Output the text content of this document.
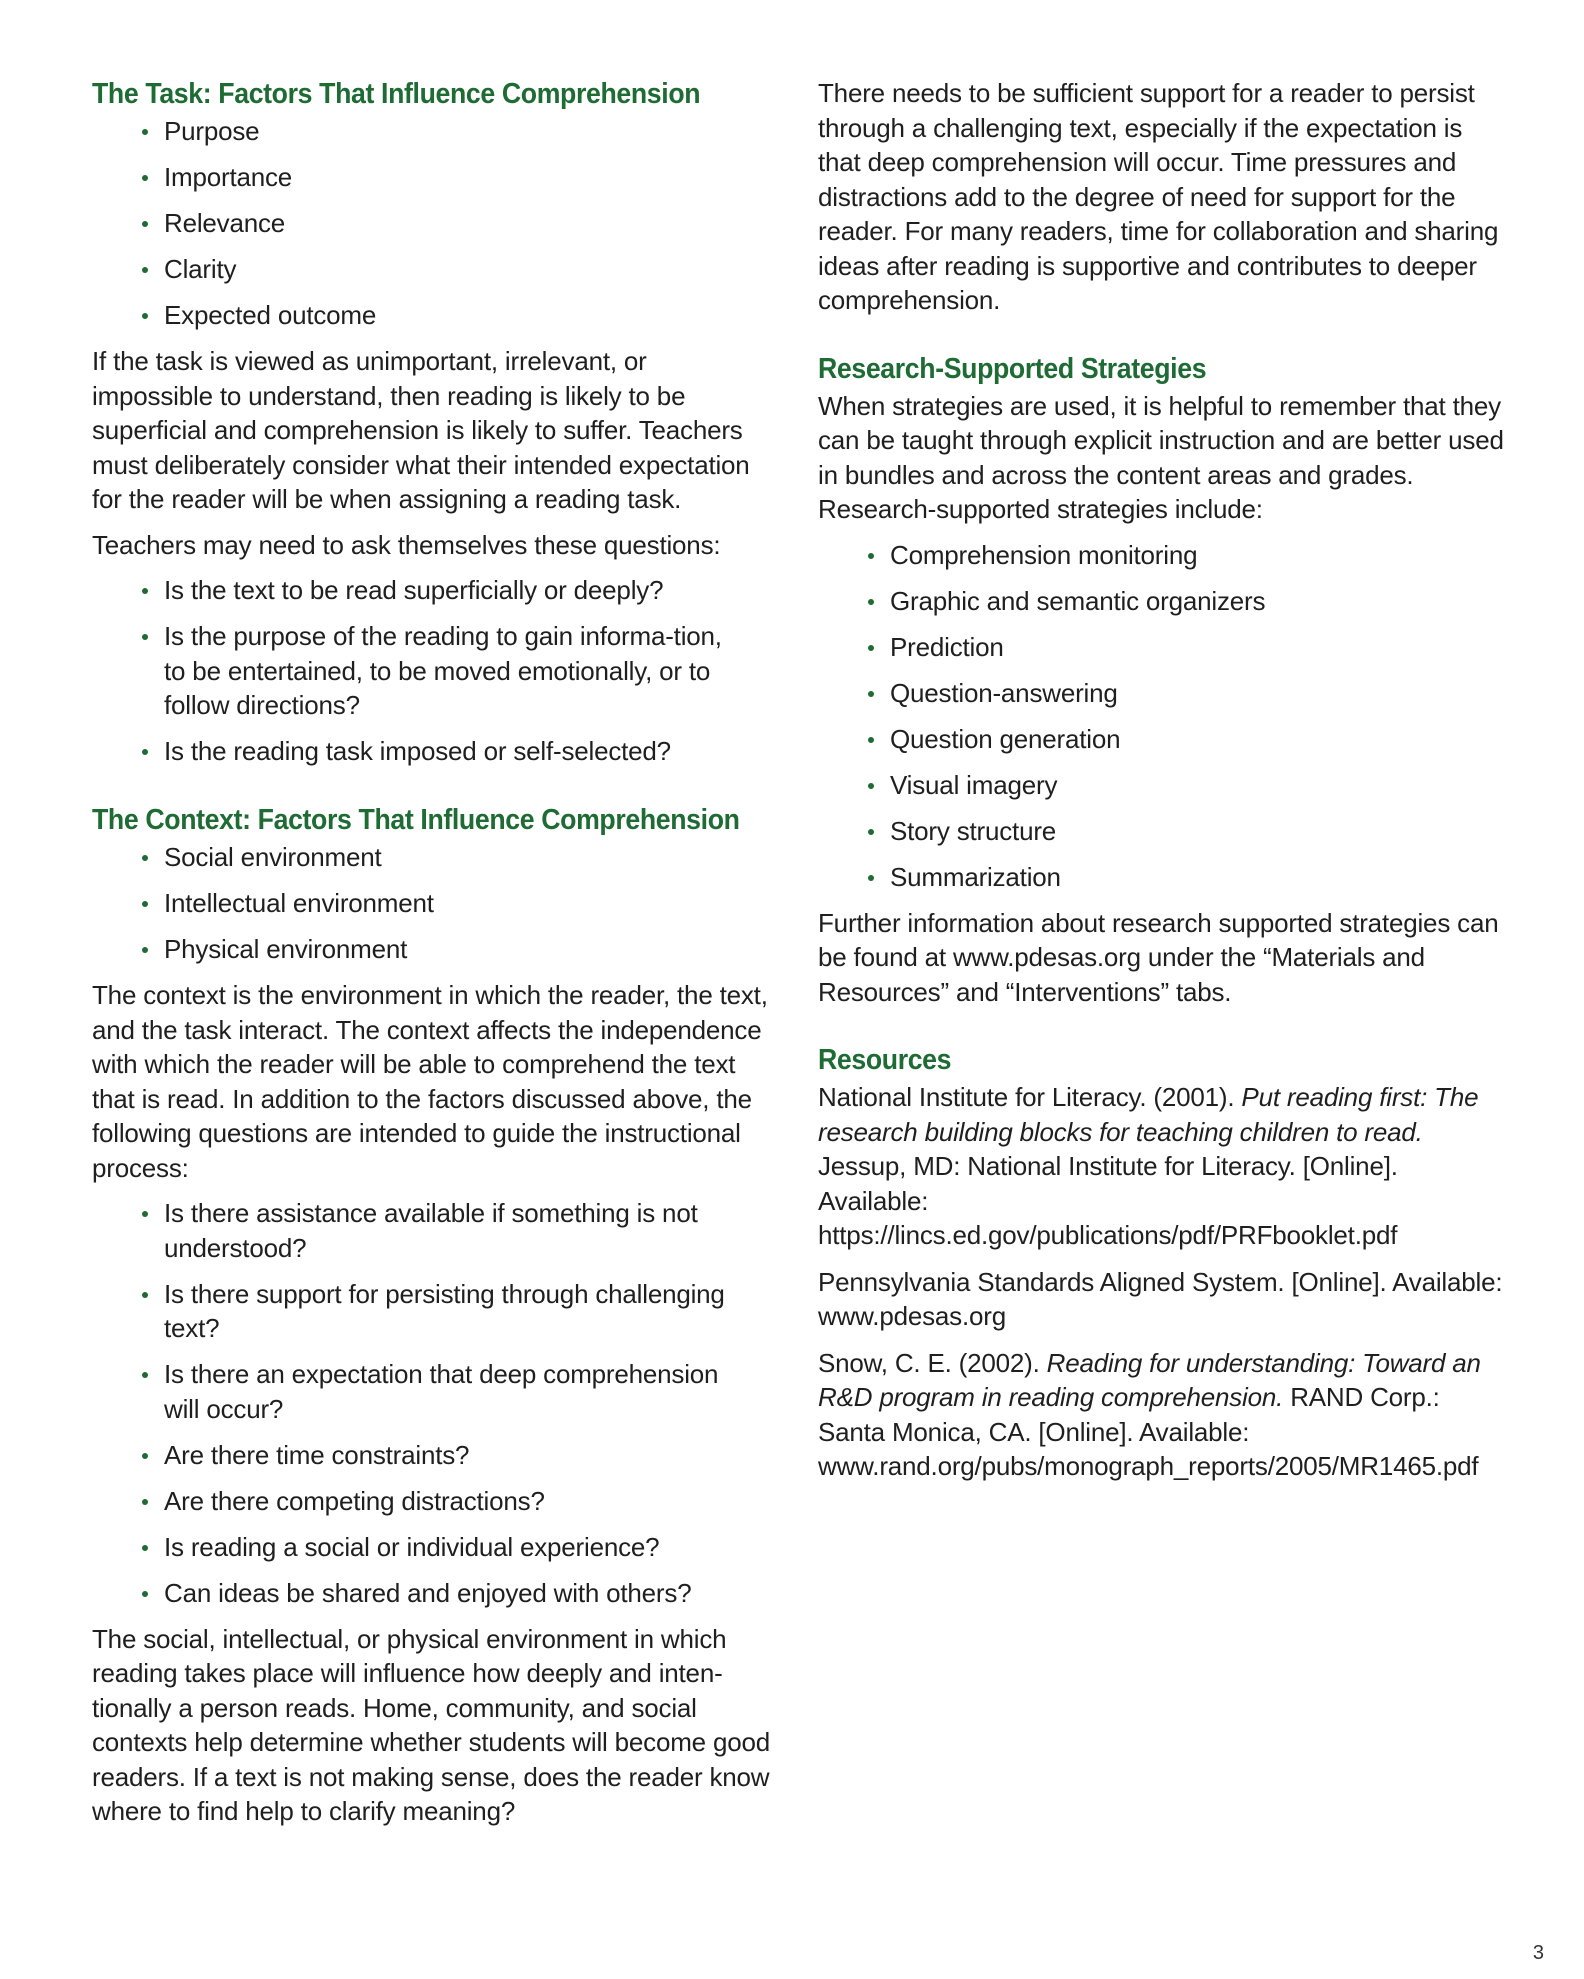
The Task: Factors That Influence Comprehension
Purpose
Importance
Relevance
Clarity
Expected outcome

If the task is viewed as unimportant, irrelevant, or impossible to understand, then reading is likely to be superficial and comprehension is likely to suffer. Teachers must deliberately consider what their intended expectation for the reader will be when assigning a reading task.

Teachers may need to ask themselves these questions:

Is the text to be read superficially or deeply?
Is the purpose of the reading to gain informa-tion, to be entertained, to be moved emotionally, or to follow directions?
Is the reading task imposed or self-selected?
The Context: Factors That Influence Comprehension
Social environment
Intellectual environment
Physical environment

The context is the environment in which the reader, the text, and the task interact. The context affects the independence with which the reader will be able to comprehend the text that is read. In addition to the factors discussed above, the following questions are intended to guide the instructional process:

Is there assistance available if something is not understood?
Is there support for persisting through challenging text?
Is there an expectation that deep comprehension will occur?
Are there time constraints?
Are there competing distractions?
Is reading a social or individual experience?
Can ideas be shared and enjoyed with others?

The social, intellectual, or physical environment in which reading takes place will influence how deeply and inten-tionally a person reads. Home, community, and social contexts help determine whether students will become good readers. If a text is not making sense, does the reader know where to find help to clarify meaning?

There needs to be sufficient support for a reader to persist through a challenging text, especially if the expectation is that deep comprehension will occur. Time pressures and distractions add to the degree of need for support for the reader. For many readers, time for collaboration and sharing ideas after reading is supportive and contributes to deeper comprehension.

Research-Supported Strategies

When strategies are used, it is helpful to remember that they can be taught through explicit instruction and are better used in bundles and across the content areas and grades. Research-supported strategies include:

Comprehension monitoring
Graphic and semantic organizers
Prediction
Question-answering
Question generation
Visual imagery
Story structure
Summarization

Further information about research supported strategies can be found at www.pdesas.org under the “Materials and Resources” and “Interventions” tabs.

Resources

National Institute for Literacy. (2001). Put reading first: The research building blocks for teaching children to read. Jessup, MD: National Institute for Literacy. [Online]. Available: https://lincs.ed.gov/publications/pdf/PRFbooklet.pdf

Pennsylvania Standards Aligned System. [Online]. Available: www.pdesas.org

Snow, C. E. (2002). Reading for understanding: Toward an R&D program in reading comprehension. RAND Corp.: Santa Monica, CA. [Online]. Available: www.rand.org/pubs/monograph_reports/2005/MR1465.pdf

3
